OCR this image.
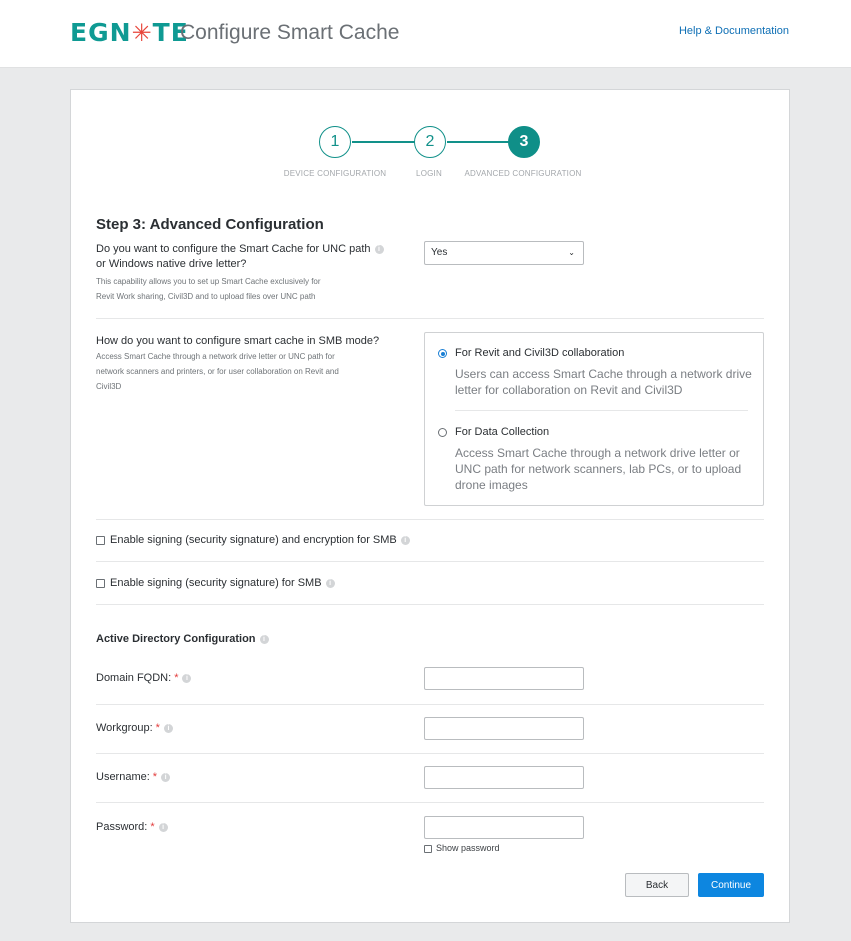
EGN✳TE
Configure Smart Cache	Help & Documentation
1	2	3
DEVICE CONFIGURATION	LOGIN	ADVANCED CONFIGURATION
Step 3: Advanced Configuration
Do you want to configure the Smart Cache for UNC path i
or Windows native drive letter?
This capability allows you to set up Smart Cache exclusively for
Revit Work sharing, Civil3D and to upload files over UNC path
Yes	⌄
How do you want to configure smart cache in SMB mode?
Access Smart Cache through a network drive letter or UNC path for
network scanners and printers, or for user collaboration on Revit and
Civil3D
For Revit and Civil3D collaboration
Users can access Smart Cache through a network drive letter for collaboration on Revit and Civil3D
For Data Collection
Access Smart Cache through a network drive letter or UNC path for network scanners, lab PCs, or to upload drone images
Enable signing (security signature) and encryption for SMB i
Enable signing (security signature) for SMB i
Active Directory Configuration i
Domain FQDN: * i
Workgroup: * i
Username: * i
Password: * i
Show password
Back	Continue
